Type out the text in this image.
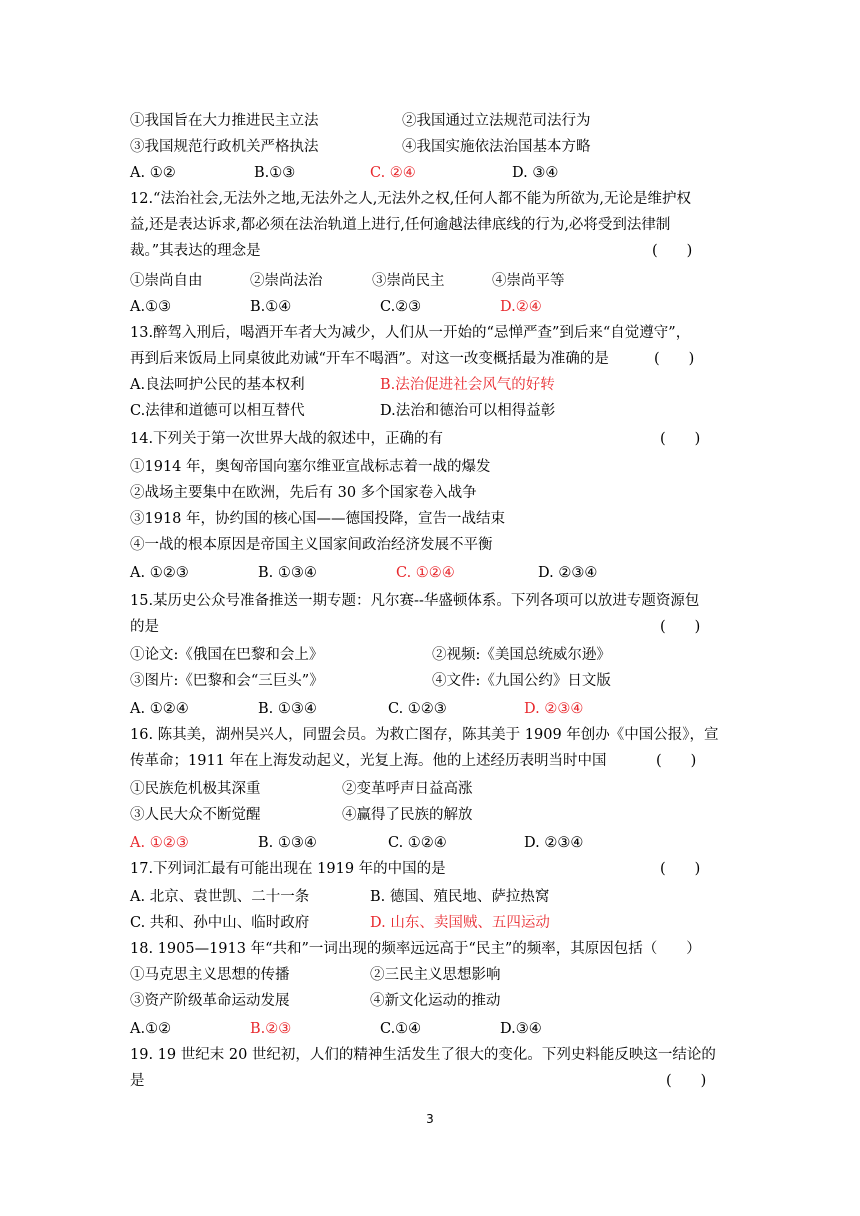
①我国旨在大力推进民主立法	②我国通过立法规范司法行为
③我国规范行政机关严格执法	④我国实施依法治国基本方略
A. ①②	B.①③	C. ②④	D. ③④
12.“法治社会,无法外之地,无法外之人,无法外之权,任何人都不能为所欲为,无论是维护权
益,还是表达诉求,都必须在法治轨道上进行,任何逾越法律底线的行为,必将受到法律制
裁。”其表达的理念是	(　　)
①崇尚自由	②崇尚法治	③崇尚民主	④崇尚平等
A.①③	B.①④	C.②③	D.②④
13.醉驾入刑后，喝酒开车者大为减少，人们从一开始的“忌惮严查”到后来“自觉遵守”，
再到后来饭局上同桌彼此劝诫“开车不喝酒”。对这一改变概括最为准确的是	(　　)
A.良法呵护公民的基本权利	B.法治促进社会风气的好转
C.法律和道德可以相互替代	D.法治和德治可以相得益彰
14.下列关于第一次世界大战的叙述中，正确的有	(　　)
①1914 年，奥匈帝国向塞尔维亚宣战标志着一战的爆发
②战场主要集中在欧洲，先后有 30 多个国家卷入战争
③1918 年，协约国的核心国——德国投降，宣告一战结束
④一战的根本原因是帝国主义国家间政治经济发展不平衡
A. ①②③	B. ①③④	C. ①②④	D. ②③④
15.某历史公众号准备推送一期专题：凡尔赛--华盛顿体系。下列各项可以放进专题资源包
的是	(　　)
①论文:《俄国在巴黎和会上》	②视频:《美国总统威尔逊》
③图片:《巴黎和会“三巨头”》	④文件:《九国公约》日文版
A. ①②④	B. ①③④	C. ①②③	D. ②③④
16. 陈其美，湖州吴兴人，同盟会员。为救亡图存，陈其美于 1909 年创办《中国公报》，宣
传革命；1911 年在上海发动起义，光复上海。他的上述经历表明当时中国	(　　)
①民族危机极其深重	②变革呼声日益高涨
③人民大众不断觉醒	④赢得了民族的解放
A. ①②③	B. ①③④	C. ①②④	D. ②③④
17.下列词汇最有可能出现在 1919 年的中国的是	(　　)
A. 北京、袁世凯、二十一条	B. 德国、殖民地、萨拉热窝
C. 共和、孙中山、临时政府	D. 山东、卖国贼、五四运动
18. 1905—1913 年“共和”一词出现的频率远远高于“民主”的频率，其原因包括（　　）
①马克思主义思想的传播	②三民主义思想影响
③资产阶级革命运动发展	④新文化运动的推动
A.①②	B.②③	C.①④	D.③④
19. 19 世纪末 20 世纪初，人们的精神生活发生了很大的变化。下列史料能反映这一结论的
是	(　　)
3
